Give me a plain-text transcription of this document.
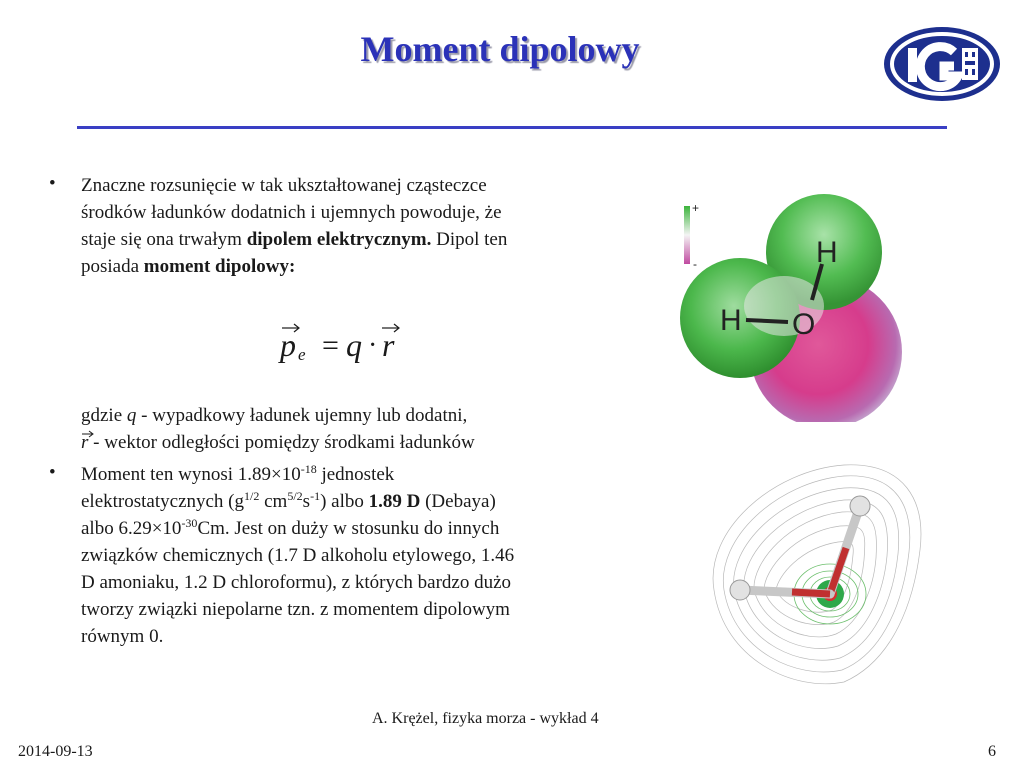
Moment dipolowy
• Znaczne rozsunięcie w tak ukształtowanej cząsteczce

środków ładunków dodatnich i ujemnych powoduje, że

staje się ona trwałym dipolem elektrycznym. Dipol ten

posiada moment dipolowy:

p e = q · r

gdzie q - wypadkowy ładunek ujemny lub dodatni,

r - wektor odległości pomiędzy środkami ładunków

• Moment ten wynosi $1.89\times 10^{-18}$ jednostek

elektrostatycznych ($g^{1/2}$ $cm^{5/2}s^{-1}$) albo 1.89 D (Debaya)

albo $6.29\times 10^{-30}Cm$. Jest on duży w stosunku do innych

związków chemicznych (1.7 D alkoholu etylowego, 1.46

D amoniaku, 1.2 D chloroformu), z których bardzo dużo

tworzy związki niepolarne tzn. z momentem dipolowym

równym 0.

+
-	H
H O
A. Krężel, fizyka morza - wykład 4
2014-09-13	6
